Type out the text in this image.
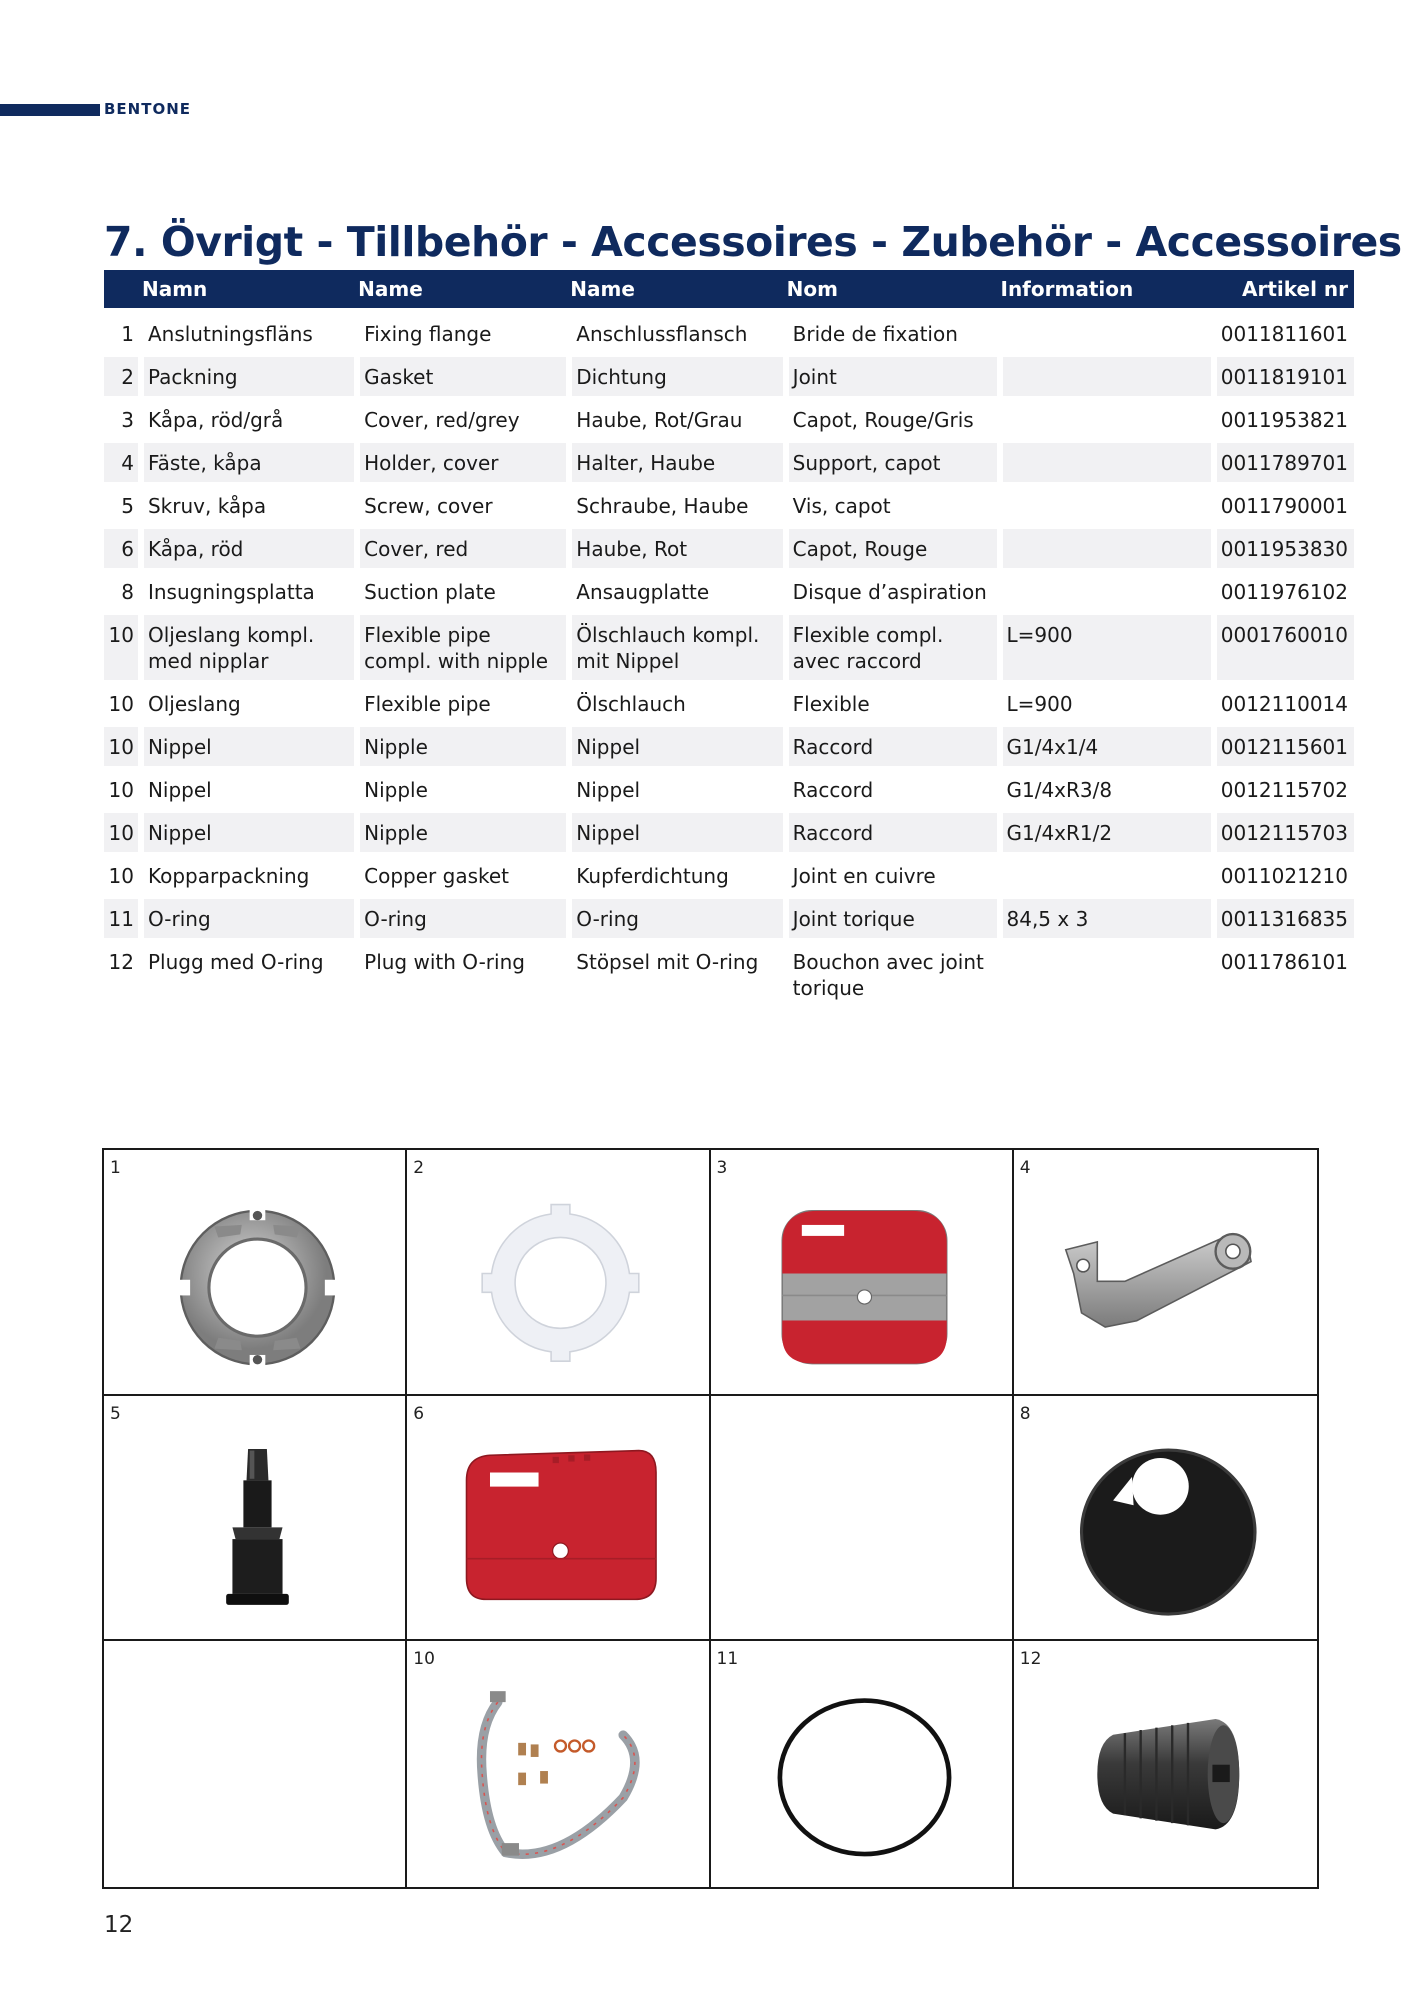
BENTONE
7. Övrigt - Tillbehör - Accessoires - Zubehör - Accessoires
	Namn	Name	Name	Nom	Information	Artikel nr
1	Anslutningsfläns	Fixing flange	Anschlussflansch	Bride de fixation		0011811601
2	Packning	Gasket	Dichtung	Joint		0011819101
3	Kåpa, röd/grå	Cover, red/grey	Haube, Rot/Grau	Capot, Rouge/Gris		0011953821
4	Fäste, kåpa	Holder, cover	Halter, Haube	Support, capot		0011789701
5	Skruv, kåpa	Screw, cover	Schraube, Haube	Vis, capot		0011790001
6	Kåpa, röd	Cover, red	Haube, Rot	Capot, Rouge		0011953830
8	Insugningsplatta	Suction plate	Ansaugplatte	Disque d’aspiration		0011976102
10	Oljeslang kompl. med nipplar	Flexible pipe compl. with nipple	Ölschlauch kompl. mit Nippel	Flexible compl. avec raccord	L=900	0001760010
10	Oljeslang	Flexible pipe	Ölschlauch	Flexible	L=900	0012110014
10	Nippel	Nipple	Nippel	Raccord	G1/4x1/4	0012115601
10	Nippel	Nipple	Nippel	Raccord	G1/4xR3/8	0012115702
10	Nippel	Nipple	Nippel	Raccord	G1/4xR1/2	0012115703
10	Kopparpackning	Copper gasket	Kupferdichtung	Joint en cuivre		0011021210
11	O-ring	O-ring	O-ring	Joint torique	84,5 x 3	0011316835
12	Plugg med O-ring	Plug with O-ring	Stöpsel mit O-ring	Bouchon avec joint torique		0011786101
1	2	3	4
5	6	8
10	11	12
12
